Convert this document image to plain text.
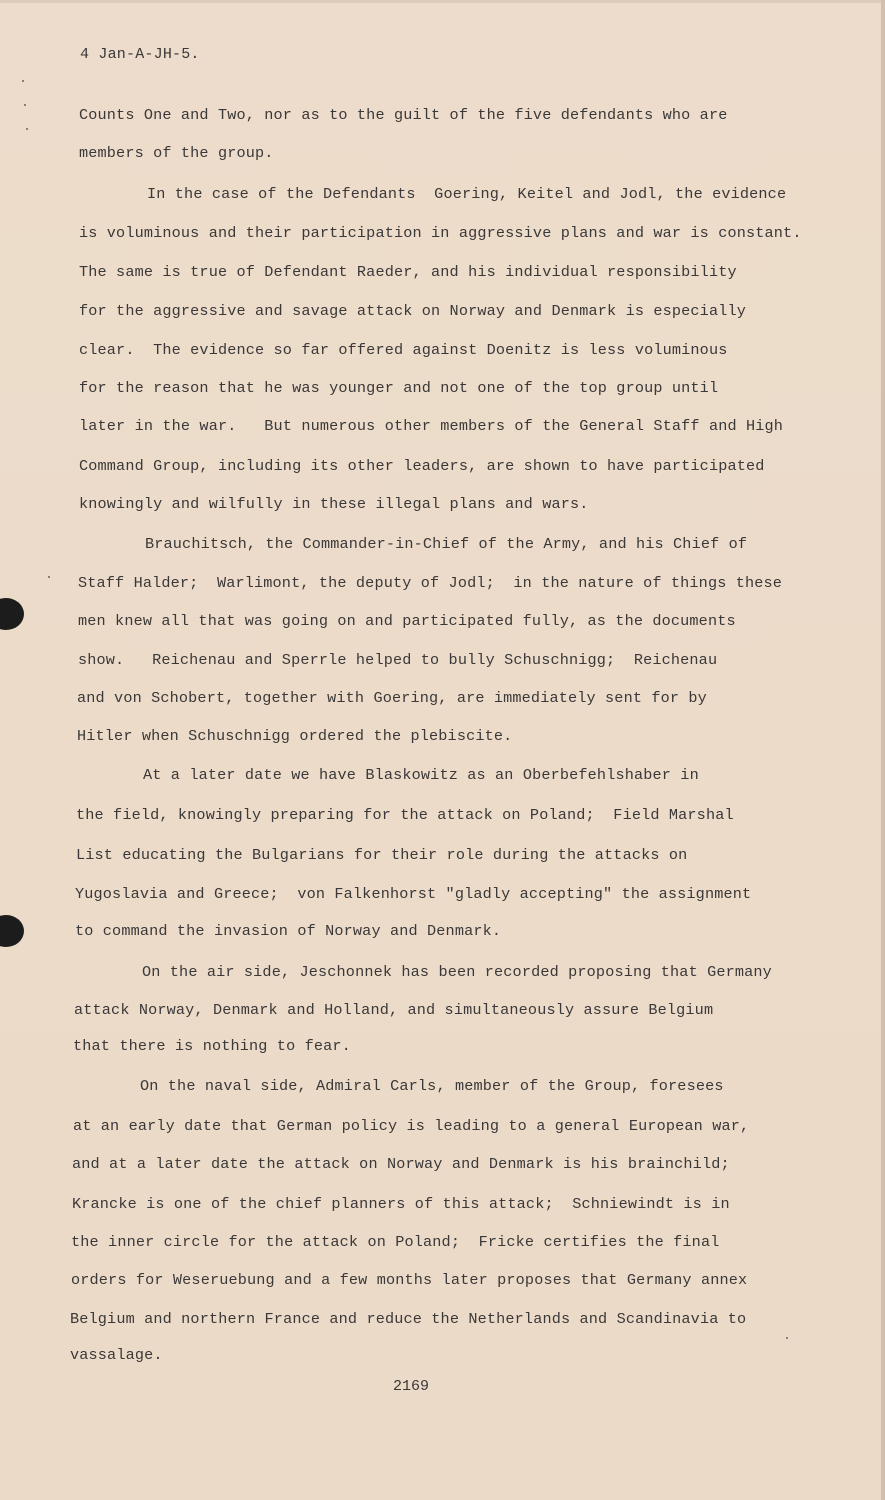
4 Jan-A-JH-5.
Counts One and Two, nor as to the guilt of the five defendants who are
members of the group.
In the case of the Defendants  Goering, Keitel and Jodl, the evidence
is voluminous and their participation in aggressive plans and war is constant.
The same is true of Defendant Raeder, and his individual responsibility
for the aggressive and savage attack on Norway and Denmark is especially
clear.  The evidence so far offered against Doenitz is less voluminous
for the reason that he was younger and not one of the top group until
later in the war.   But numerous other members of the General Staff and High
Command Group, including its other leaders, are shown to have participated
knowingly and wilfully in these illegal plans and wars.
Brauchitsch, the Commander-in-Chief of the Army, and his Chief of
Staff Halder;  Warlimont, the deputy of Jodl;  in the nature of things these
men knew all that was going on and participated fully, as the documents
show.   Reichenau and Sperrle helped to bully Schuschnigg;  Reichenau
and von Schobert, together with Goering, are immediately sent for by
Hitler when Schuschnigg ordered the plebiscite.
At a later date we have Blaskowitz as an Oberbefehlshaber in
the field, knowingly preparing for the attack on Poland;  Field Marshal
List educating the Bulgarians for their role during the attacks on
Yugoslavia and Greece;  von Falkenhorst "gladly accepting" the assignment
to command the invasion of Norway and Denmark.
On the air side, Jeschonnek has been recorded proposing that Germany
attack Norway, Denmark and Holland, and simultaneously assure Belgium
that there is nothing to fear.
On the naval side, Admiral Carls, member of the Group, foresees
at an early date that German policy is leading to a general European war,
and at a later date the attack on Norway and Denmark is his brainchild;
Krancke is one of the chief planners of this attack;  Schniewindt is in
the inner circle for the attack on Poland;  Fricke certifies the final
orders for Weseruebung and a few months later proposes that Germany annex
Belgium and northern France and reduce the Netherlands and Scandinavia to
vassalage.
2169
